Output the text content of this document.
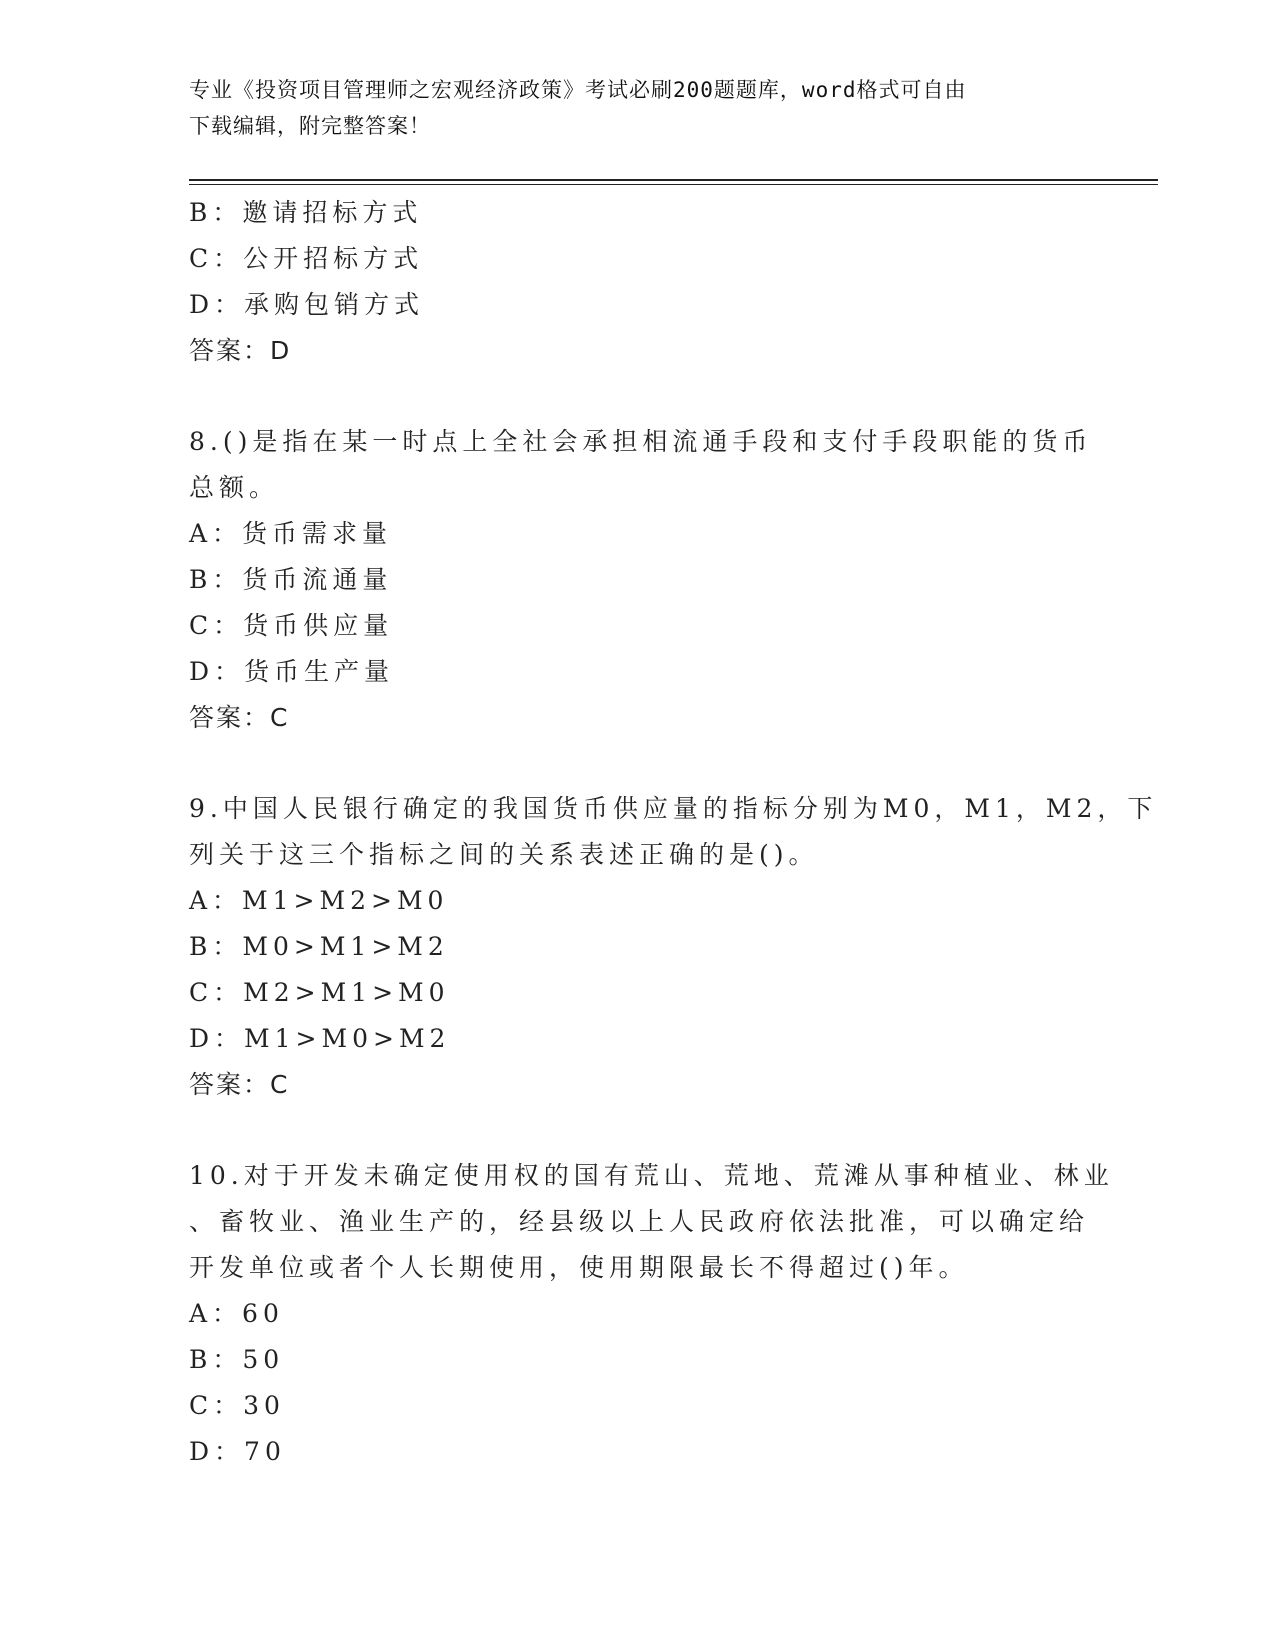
专业《投资项目管理师之宏观经济政策》考试必刷200题题库，word格式可自由
下载编辑，附完整答案！
B：邀请招标方式
C：公开招标方式
D：承购包销方式
答案：D
8.()是指在某一时点上全社会承担相流通手段和支付手段职能的货币
总额。
A：货币需求量
B：货币流通量
C：货币供应量
D：货币生产量
答案：C
9.中国人民银行确定的我国货币供应量的指标分别为M0，M1，M2，下
列关于这三个指标之间的关系表述正确的是()。
A：M1>M2>M0
B：M0>M1>M2
C：M2>M1>M0
D：M1>M0>M2
答案：C
10.对于开发未确定使用权的国有荒山、荒地、荒滩从事种植业、林业
、畜牧业、渔业生产的，经县级以上人民政府依法批准，可以确定给
开发单位或者个人长期使用，使用期限最长不得超过()年。
A：60
B：50
C：30
D：70
